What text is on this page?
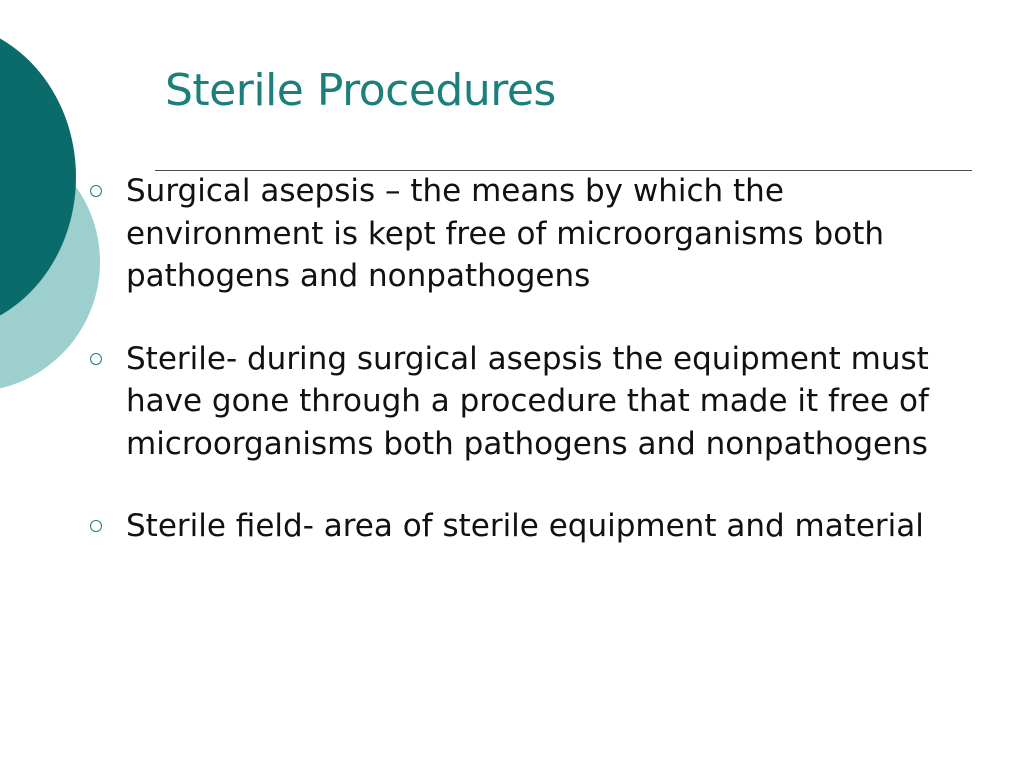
Sterile Procedures
Surgical asepsis – the means by which the environment is kept free of microorganisms both pathogens and nonpathogens
Sterile- during surgical asepsis the equipment must have gone through a procedure that made it free of microorganisms both pathogens and nonpathogens
Sterile field- area of sterile equipment and material
